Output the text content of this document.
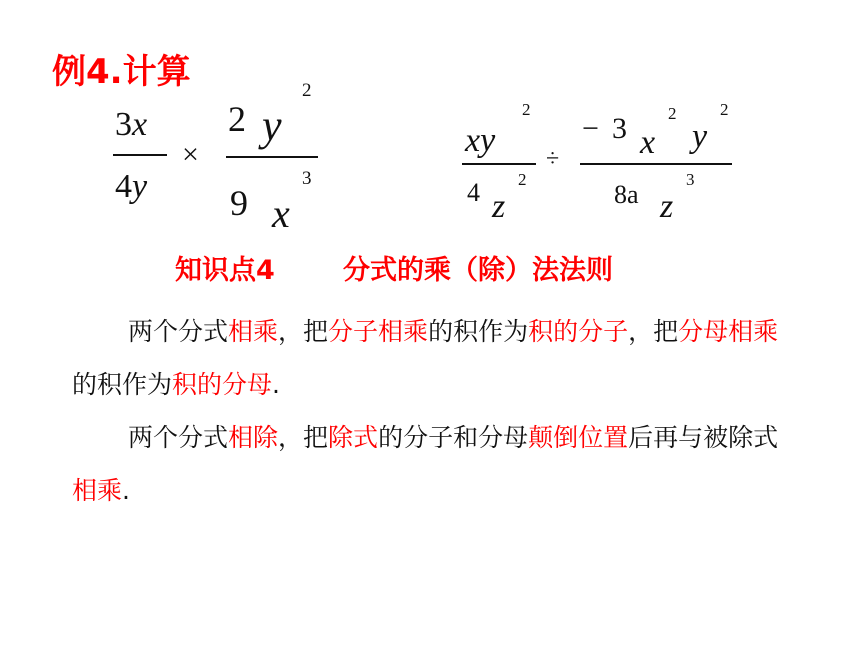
例4.计算
3x
4y
×
2 y
2
9 x
3
xy
2
4 z
2
÷
− 3 x
2
y
2
8a z
3
知识点4	分式的乘（除）法法则
两个分式相乘，把分子相乘的积作为积的分子，把分母相乘的积作为积的分母.
两个分式相除，把除式的分子和分母颠倒位置后再与被除式相乘.
